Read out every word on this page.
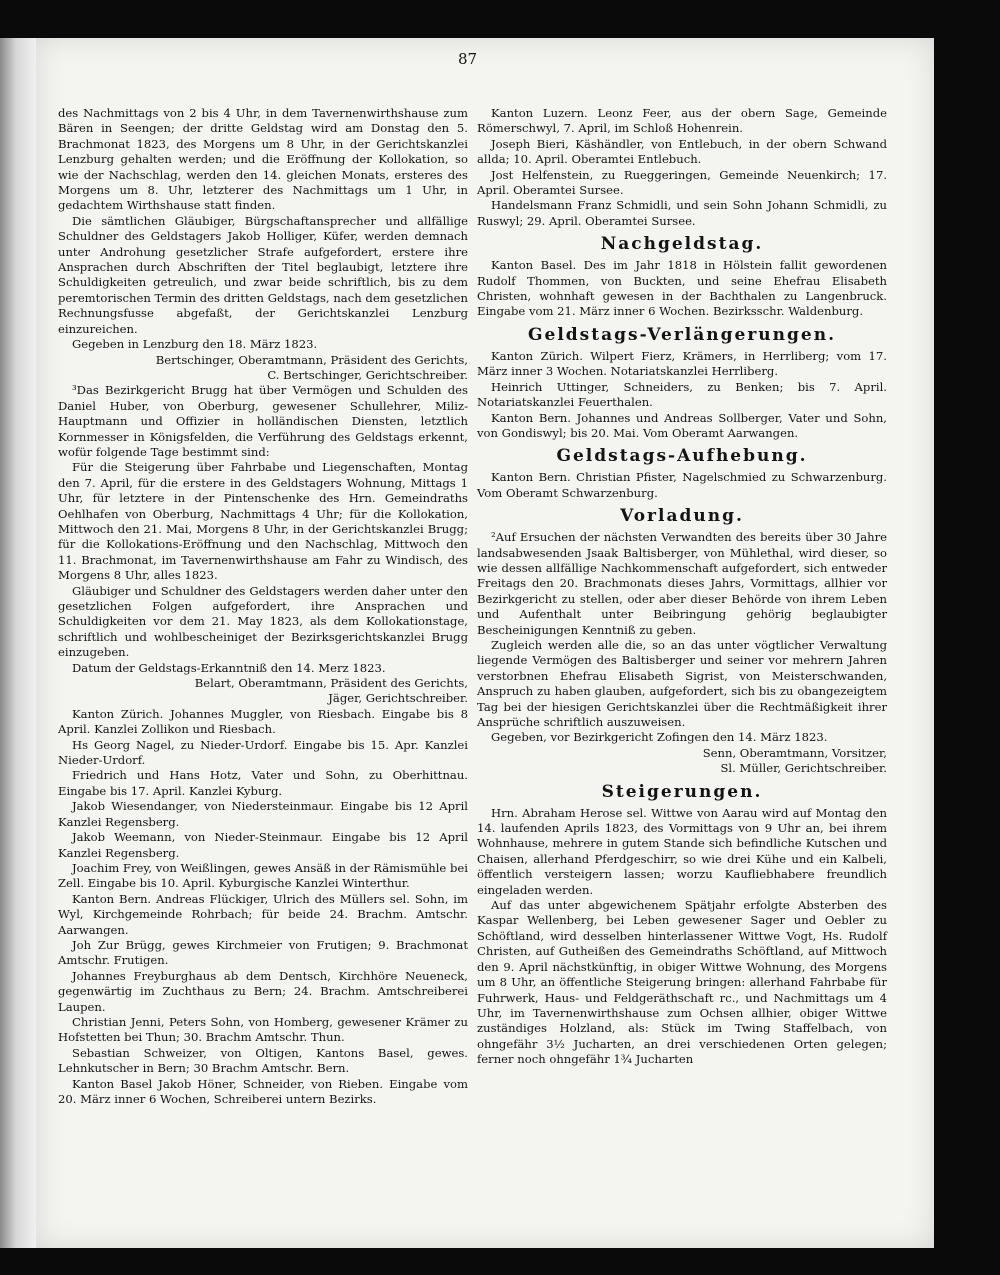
87

des Nachmittags von 2 bis 4 Uhr, in dem Tavernenwirthshause zum Bären in Seengen; der dritte Geldstag wird am Donstag den 5. Brachmonat 1823, des Morgens um 8 Uhr, in der Gerichtskanzlei Lenzburg gehalten werden; und die Eröffnung der Kollokation, so wie der Nachschlag, werden den 14. gleichen Monats, ersteres des Morgens um 8. Uhr, letzterer des Nachmittags um 1 Uhr, in gedachtem Wirthshause statt finden.

Die sämtlichen Gläubiger, Bürgschaftansprecher und allfällige Schuldner des Geldstagers Jakob Holliger, Küfer, werden demnach unter Androhung gesetzlicher Strafe aufgefordert, erstere ihre Ansprachen durch Abschriften der Titel beglaubigt, letztere ihre Schuldigkeiten getreulich, und zwar beide schriftlich, bis zu dem peremtorischen Termin des dritten Geldstags, nach dem gesetzlichen Rechnungsfusse abgefaßt, der Gerichtskanzlei Lenzburg einzureichen.

Gegeben in Lenzburg den 18. März 1823.

Bertschinger, Oberamtmann, Präsident des Gerichts,

C. Bertschinger, Gerichtschreiber.

³Das Bezirkgericht Brugg hat über Vermögen und Schulden des Daniel Huber, von Oberburg, gewesener Schullehrer, Miliz-Hauptmann und Offizier in holländischen Diensten, letztlich Kornmesser in Königsfelden, die Verführung des Geldstags erkennt, wofür folgende Tage bestimmt sind:

Für die Steigerung über Fahrbabe und Liegenschaften, Montag den 7. April, für die erstere in des Geldstagers Wohnung, Mittags 1 Uhr, für letztere in der Pintenschenke des Hrn. Gemeindraths Oehlhafen von Oberburg, Nachmittags 4 Uhr; für die Kollokation, Mittwoch den 21. Mai, Morgens 8 Uhr, in der Gerichtskanzlei Brugg; für die Kollokations-Eröffnung und den Nachschlag, Mittwoch den 11. Brachmonat, im Tavernenwirthshause am Fahr zu Windisch, des Morgens 8 Uhr, alles 1823.

Gläubiger und Schuldner des Geldstagers werden daher unter den gesetzlichen Folgen aufgefordert, ihre Ansprachen und Schuldigkeiten vor dem 21. May 1823, als dem Kollokationstage, schriftlich und wohlbescheiniget der Bezirksgerichtskanzlei Brugg einzugeben.

Datum der Geldstags-Erkanntniß den 14. Merz 1823.

Belart, Oberamtmann, Präsident des Gerichts,

Jäger, Gerichtschreiber.

Kanton Zürich. Johannes Muggler, von Riesbach. Eingabe bis 8 April. Kanzlei Zollikon und Riesbach.

Hs Georg Nagel, zu Nieder-Urdorf. Eingabe bis 15. Apr. Kanzlei Nieder-Urdorf.

Friedrich und Hans Hotz, Vater und Sohn, zu Oberhittnau. Eingabe bis 17. April. Kanzlei Kyburg.

Jakob Wiesendanger, von Niedersteinmaur. Eingabe bis 12 April Kanzlei Regensberg.

Jakob Weemann, von Nieder-Steinmaur. Eingabe bis 12 April Kanzlei Regensberg.

Joachim Frey, von Weißlingen, gewes Ansäß in der Rämismühle bei Zell. Eingabe bis 10. April. Kyburgische Kanzlei Winterthur.

Kanton Bern. Andreas Flückiger, Ulrich des Müllers sel. Sohn, im Wyl, Kirchgemeinde Rohrbach; für beide 24. Brachm. Amtschr. Aarwangen.

Joh Zur Brügg, gewes Kirchmeier von Frutigen; 9. Brachmonat Amtschr. Frutigen.

Johannes Freyburghaus ab dem Dentsch, Kirchhöre Neueneck, gegenwärtig im Zuchthaus zu Bern; 24. Brachm. Amtschreiberei Laupen.

Christian Jenni, Peters Sohn, von Homberg, gewesener Krämer zu Hofstetten bei Thun; 30. Brachm Amtschr. Thun.

Sebastian Schweizer, von Oltigen, Kantons Basel, gewes. Lehnkutscher in Bern; 30 Brachm Amtschr. Bern.

Kanton Basel Jakob Höner, Schneider, von Rieben. Eingabe vom 20. März inner 6 Wochen, Schreiberei untern Bezirks.

Kanton Luzern. Leonz Feer, aus der obern Sage, Gemeinde Römerschwyl, 7. April, im Schloß Hohenrein.

Joseph Bieri, Käshändler, von Entlebuch, in der obern Schwand allda; 10. April. Oberamtei Entlebuch.

Jost Helfenstein, zu Rueggeringen, Gemeinde Neuenkirch; 17. April. Oberamtei Sursee.

Handelsmann Franz Schmidli, und sein Sohn Johann Schmidli, zu Ruswyl; 29. April. Oberamtei Sursee.

Nachgeldstag.

Kanton Basel. Des im Jahr 1818 in Hölstein fallit gewordenen Rudolf Thommen, von Buckten, und seine Ehefrau Elisabeth Christen, wohnhaft gewesen in der Bachthalen zu Langenbruck. Eingabe vom 21. März inner 6 Wochen. Bezirksschr. Waldenburg.

Geldstags-Verlängerungen.

Kanton Zürich. Wilpert Fierz, Krämers, in Herrliberg; vom 17. März inner 3 Wochen. Notariatskanzlei Herrliberg.

Heinrich Uttinger, Schneiders, zu Benken; bis 7. April. Notariatskanzlei Feuerthalen.

Kanton Bern. Johannes und Andreas Sollberger, Vater und Sohn, von Gondiswyl; bis 20. Mai. Vom Oberamt Aarwangen.

Geldstags-Aufhebung.

Kanton Bern. Christian Pfister, Nagelschmied zu Schwarzenburg. Vom Oberamt Schwarzenburg.

Vorladung.

²Auf Ersuchen der nächsten Verwandten des bereits über 30 Jahre landsabwesenden Jsaak Baltisberger, von Mühlethal, wird dieser, so wie dessen allfällige Nachkommenschaft aufgefordert, sich entweder Freitags den 20. Brachmonats dieses Jahrs, Vormittags, allhier vor Bezirkgericht zu stellen, oder aber dieser Behörde von ihrem Leben und Aufenthalt unter Beibringung gehörig beglaubigter Bescheinigungen Kenntniß zu geben.

Zugleich werden alle die, so an das unter vögtlicher Verwaltung liegende Vermögen des Baltisberger und seiner vor mehrern Jahren verstorbnen Ehefrau Elisabeth Sigrist, von Meisterschwanden, Anspruch zu haben glauben, aufgefordert, sich bis zu obangezeigtem Tag bei der hiesigen Gerichtskanzlei über die Rechtmäßigkeit ihrer Ansprüche schriftlich auszuweisen.

Gegeben, vor Bezirkgericht Zofingen den 14. März 1823.

Senn, Oberamtmann, Vorsitzer,

Sl. Müller, Gerichtschreiber.

Steigerungen.

Hrn. Abraham Herose sel. Wittwe von Aarau wird auf Montag den 14. laufenden Aprils 1823, des Vormittags von 9 Uhr an, bei ihrem Wohnhause, mehrere in gutem Stande sich befindliche Kutschen und Chaisen, allerhand Pferdgeschirr, so wie drei Kühe und ein Kalbeli, öffentlich versteigern lassen; worzu Kaufliebhabere freundlich eingeladen werden.

Auf das unter abgewichenem Spätjahr erfolgte Absterben des Kaspar Wellenberg, bei Leben gewesener Sager und Oebler zu Schöftland, wird desselben hinterlassener Wittwe Vogt, Hs. Rudolf Christen, auf Gutheißen des Gemeindraths Schöftland, auf Mittwoch den 9. April nächstkünftig, in obiger Wittwe Wohnung, des Morgens um 8 Uhr, an öffentliche Steigerung bringen: allerhand Fahrbabe für Fuhrwerk, Haus- und Feldgeräthschaft rc., und Nachmittags um 4 Uhr, im Tavernenwirthshause zum Ochsen allhier, obiger Wittwe zuständiges Holzland, als: Stück im Twing Staffelbach, von ohngefähr 3½ Jucharten, an drei verschiedenen Orten gelegen; ferner noch ohngefähr 1¾ Jucharten
